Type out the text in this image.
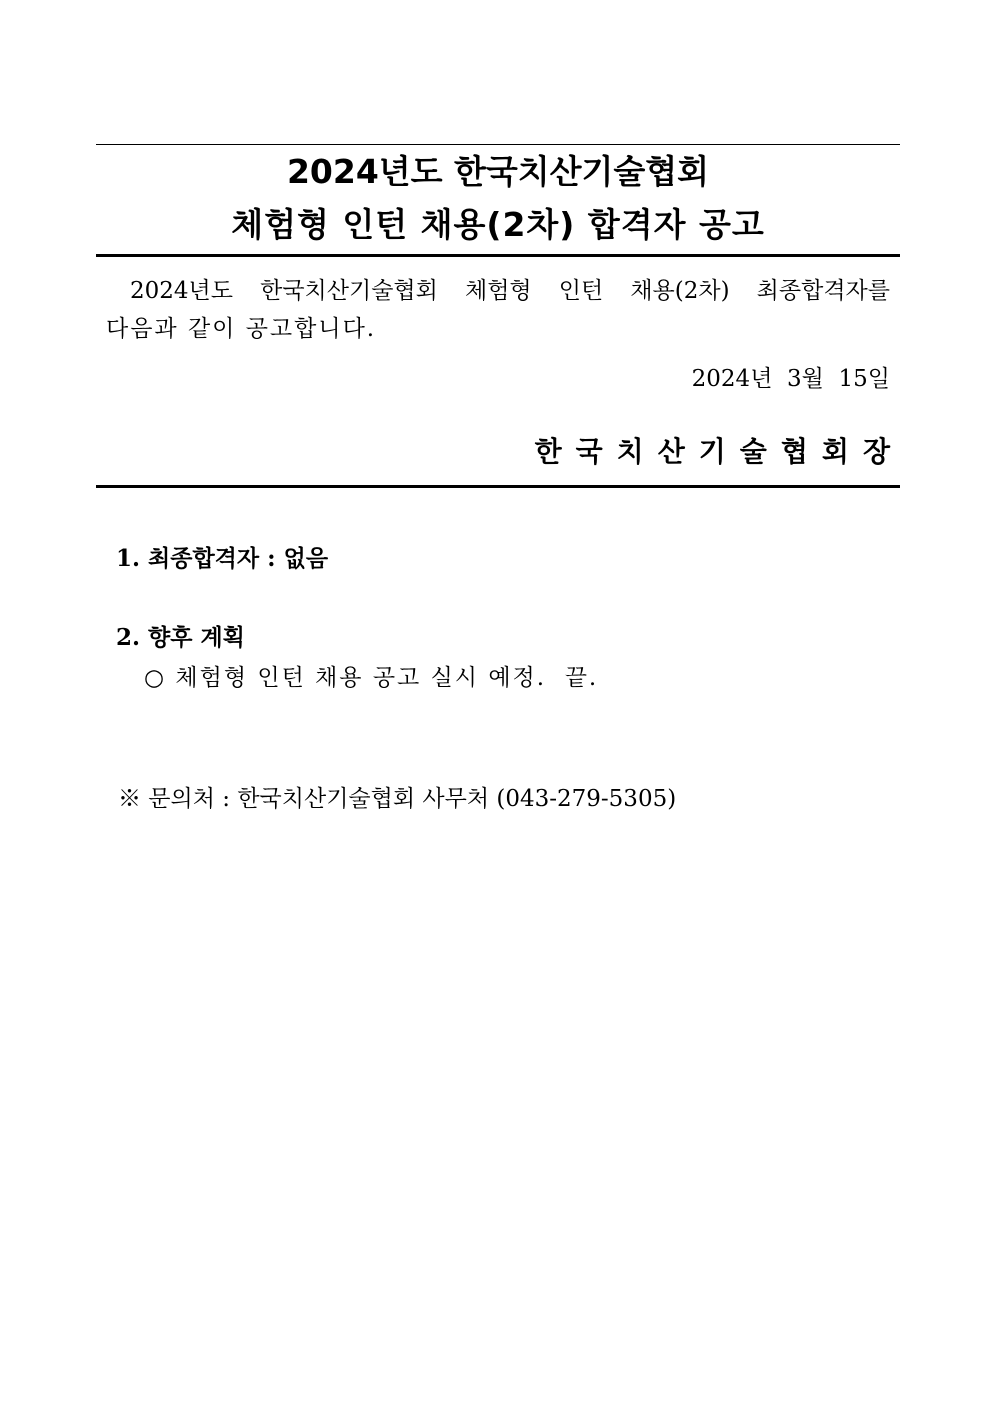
2024년도 한국치산기술협회
체험형 인턴 채용(2차) 합격자 공고
2024년도 한국치산기술협회 체험형 인턴 채용(2차) 최종합격자를
다음과 같이 공고합니다.
2024년  3월  15일
한국치산기술협회장
1. 최종합격자 : 없음
2. 향후 계획
○ 체험형 인턴 채용 공고 실시 예정.  끝.
※ 문의처 : 한국치산기술협회 사무처 (043-279-5305)
